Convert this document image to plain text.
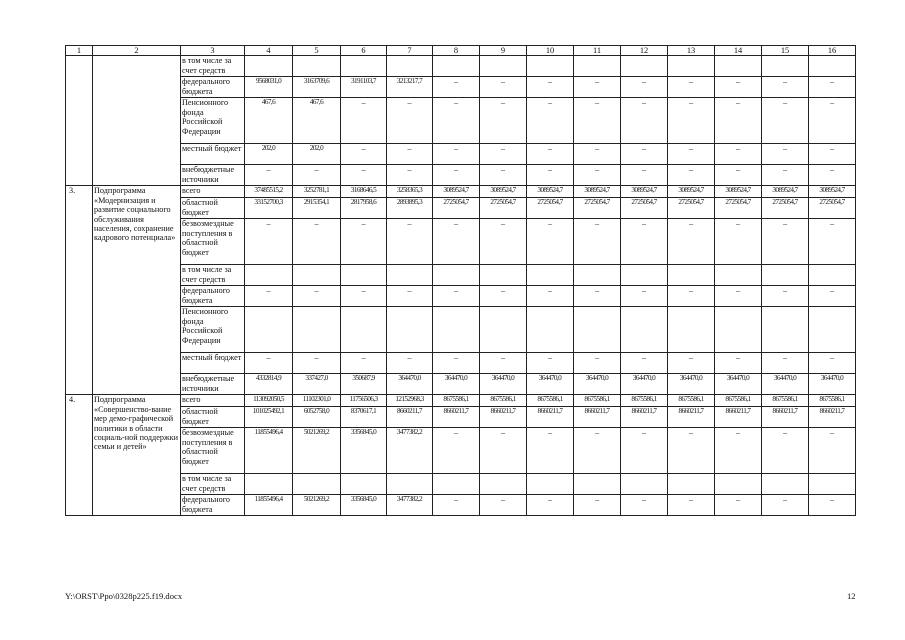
1	2	3	4	5	6	7	8	9	10	11	12	13	14	15	16
		в том числе за счет средств													
		федерального бюджета	9568031,0	3163709,6	3191103,7	3213217,7	–	–	–	–	–	–	–	–	–
		Пенсионного фонда Российской Федерации	467,6	467,6	–	–	–	–	–	–	–	–	–	–	–
		местный бюджет	202,0	202,0	–	–	–	–	–	–	–	–	–	–	–
		внебюджетные источники	–	–	–	–	–	–	–	–	–	–	–	–	–
3.	Подпрограмма «Модернизация и развитие социального обслуживания населения, сохранение кадрового потенциала»	всего	37485515,2	3252781,1	3168646,5	3258365,3	3089524,7	3089524,7	3089524,7	3089524,7	3089524,7	3089524,7	3089524,7	3089524,7	3089524,7
		областной бюджет	33152700,3	2915354,1	2817958,6	2893895,3	2725054,7	2725054,7	2725054,7	2725054,7	2725054,7	2725054,7	2725054,7	2725054,7	2725054,7
		безвозмездные поступления в областной бюджет	–	–	–	–	–	–	–	–	–	–	–	–	–
		в том числе за счет средств													
		федерального бюджета	–	–	–	–	–	–	–	–	–	–	–	–	–
		Пенсионного фонда Российской Федерации													
		местный бюджет	–	–	–	–	–	–	–	–	–	–	–	–	–
		внебюджетные источники	4332814,9	337427,0	350687,9	364470,0	364470,0	364470,0	364470,0	364470,0	364470,0	364470,0	364470,0	364470,0	364470,0
4.	Подпрограмма «Совершенство-вание мер демо-графической политики в области социаль-ной поддержки семьи и детей»	всего	113092050,5	11102301,0	11756506,3	12152968,3	8675586,1	8675586,1	8675586,1	8675586,1	8675586,1	8675586,1	8675586,1	8675586,1	8675586,1
		областной бюджет	101025492,1	6052758,0	8370617,1	8660211,7	8660211,7	8660211,7	8660211,7	8660211,7	8660211,7	8660211,7	8660211,7	8660211,7	8660211,7
		безвозмездные поступления в областной бюджет	11855496,4	5021269,2	3356845,0	3477382,2	–	–	–	–	–	–	–	–	–
		в том числе за счет средств													
		федерального бюджета	11855496,4	5021269,2	3356845,0	3477382,2	–	–	–	–	–	–	–	–	–
Y:\ORST\Ppo\0328p225.f19.docx	12
